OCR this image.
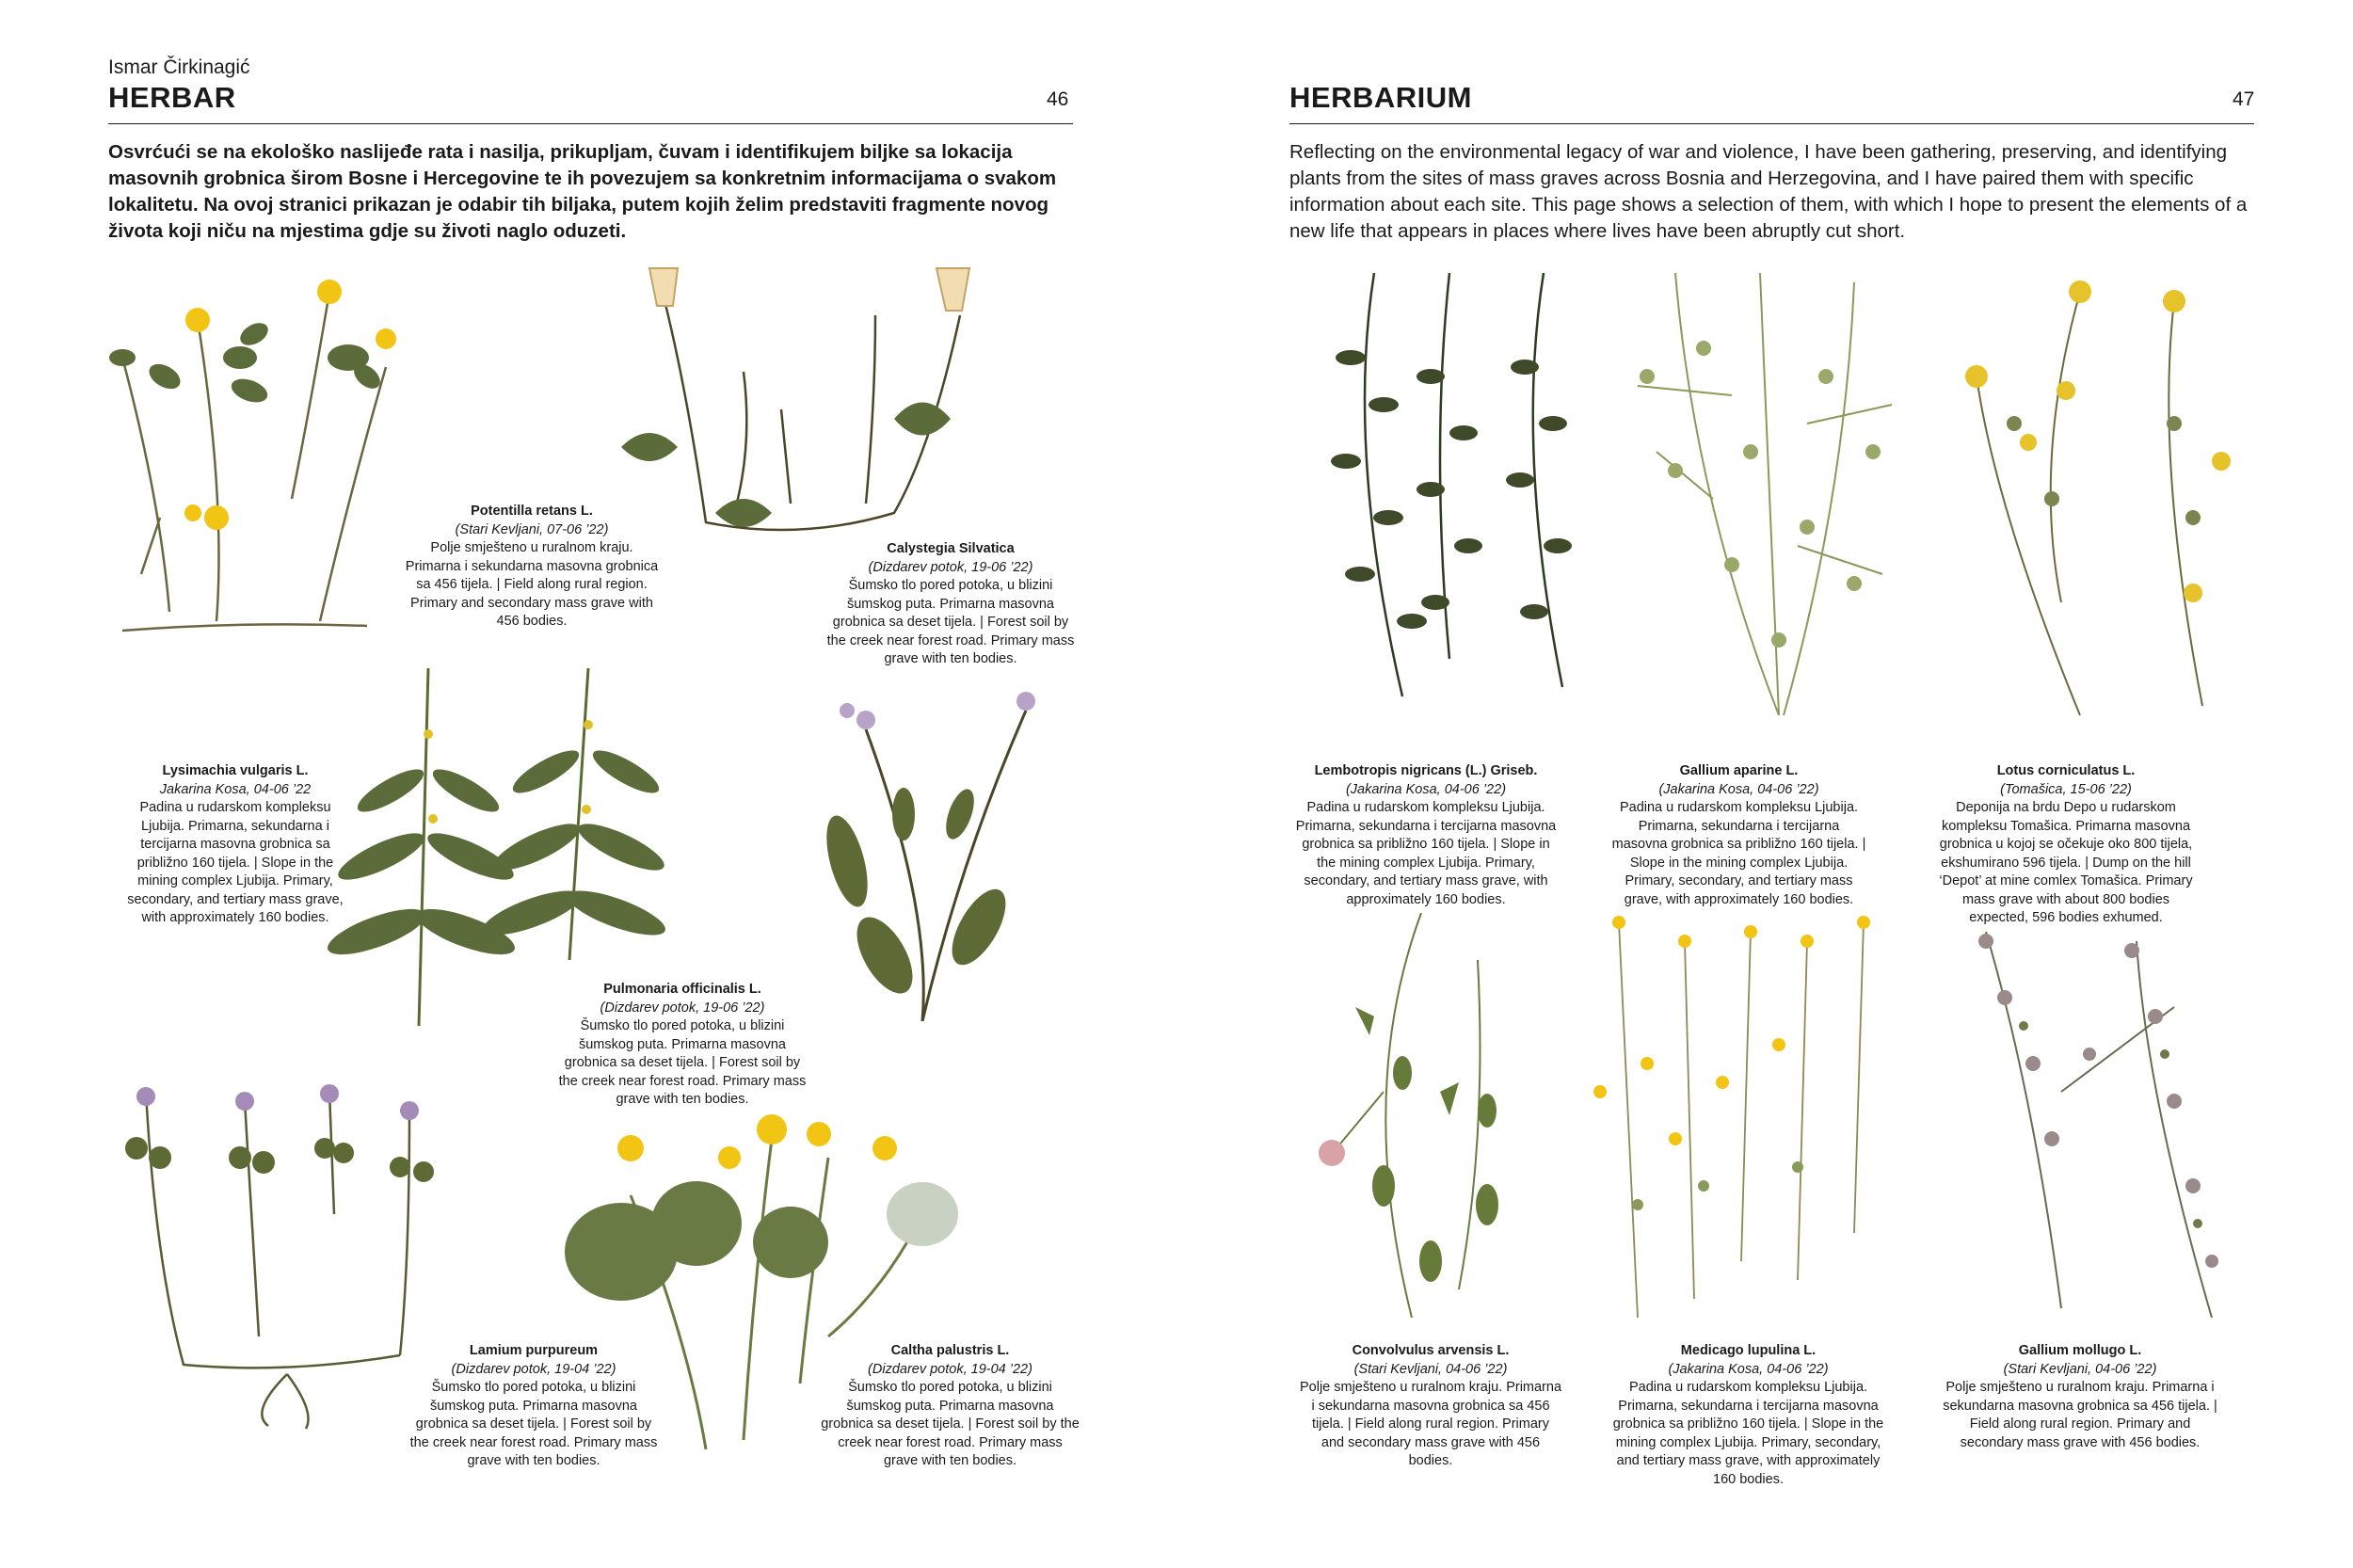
Ismar Čirkinagić
HERBAR	46

Osvrćući se na ekološko naslijeđe rata i nasilja, prikupljam, čuvam i identifikujem biljke sa lokacija masovnih grobnica širom Bosne i Hercegovine te ih povezujem sa konkretnim informacijama o svakom lokalitetu. Na ovoj stranici prikazan je odabir tih biljaka, putem kojih želim predstaviti fragmente novog života koji niču na mjestima gdje su životi naglo oduzeti.

Potentilla retans L.
(Stari Kevljani, 07-06 ’22)
Polje smješteno u ruralnom kraju. Primarna i sekundarna masovna grobnica sa 456 tijela. | Field along rural region. Primary and secondary mass grave with 456 bodies.
Calystegia Silvatica
(Dizdarev potok, 19-06 ’22)
Šumsko tlo pored potoka, u blizini šumskog puta. Primarna masovna grobnica sa deset tijela. | Forest soil by the creek near forest road. Primary mass grave with ten bodies.
Lysimachia vulgaris L.
Jakarina Kosa, 04-06 ’22
Padina u rudarskom kompleksu Ljubija. Primarna, sekundarna i tercijarna masovna grobnica sa približno 160 tijela. | Slope in the mining complex Ljubija. Primary, secondary, and tertiary mass grave, with approximately 160 bodies.
Pulmonaria officinalis L.
(Dizdarev potok, 19-06 ’22)
Šumsko tlo pored potoka, u blizini šumskog puta. Primarna masovna grobnica sa deset tijela. | Forest soil by the creek near forest road. Primary mass grave with ten bodies.
Lamium purpureum
(Dizdarev potok, 19-04 ’22)
Šumsko tlo pored potoka, u blizini šumskog puta. Primarna masovna grobnica sa deset tijela. | Forest soil by the creek near forest road. Primary mass grave with ten bodies.
Caltha palustris L.
(Dizdarev potok, 19-04 ’22)
Šumsko tlo pored potoka, u blizini šumskog puta. Primarna masovna grobnica sa deset tijela. | Forest soil by the creek near forest road. Primary mass grave with ten bodies.
HERBARIUM	47

Reflecting on the environmental legacy of war and violence, I have been gathering, preserving, and identifying plants from the sites of mass graves across Bosnia and Herzegovina, and I have paired them with specific information about each site. This page shows a selection of them, with which I hope to present the elements of a new life that appears in places where lives have been abruptly cut short.

Lembotropis nigricans (L.) Griseb.
(Jakarina Kosa, 04-06 ’22)
Padina u rudarskom kompleksu Ljubija. Primarna, sekundarna i tercijarna masovna grobnica sa približno 160 tijela. | Slope in the mining complex Ljubija. Primary, secondary, and tertiary mass grave, with approximately 160 bodies.
Gallium aparine L.
(Jakarina Kosa, 04-06 ’22)
Padina u rudarskom kompleksu Ljubija. Primarna, sekundarna i tercijarna masovna grobnica sa približno 160 tijela. | Slope in the mining complex Ljubija. Primary, secondary, and tertiary mass grave, with approximately 160 bodies.
Lotus corniculatus L.
(Tomašica, 15-06 ’22)
Deponija na brdu Depo u rudarskom kompleksu Tomašica. Primarna masovna grobnica u kojoj se očekuje oko 800 tijela, ekshumirano 596 tijela. | Dump on the hill ‘Depot’ at mine comlex Tomašica. Primary mass grave with about 800 bodies expected, 596 bodies exhumed.
Convolvulus arvensis L.
(Stari Kevljani, 04-06 ’22)
Polje smješteno u ruralnom kraju. Primarna i sekundarna masovna grobnica sa 456 tijela. | Field along rural region. Primary and secondary mass grave with 456 bodies.
Medicago lupulina L.
(Jakarina Kosa, 04-06 ’22)
Padina u rudarskom kompleksu Ljubija. Primarna, sekundarna i tercijarna masovna grobnica sa približno 160 tijela. | Slope in the mining complex Ljubija. Primary, secondary, and tertiary mass grave, with approximately 160 bodies.
Gallium mollugo L.
(Stari Kevljani, 04-06 ’22)
Polje smješteno u ruralnom kraju. Primarna i sekundarna masovna grobnica sa 456 tijela. | Field along rural region. Primary and secondary mass grave with 456 bodies.
